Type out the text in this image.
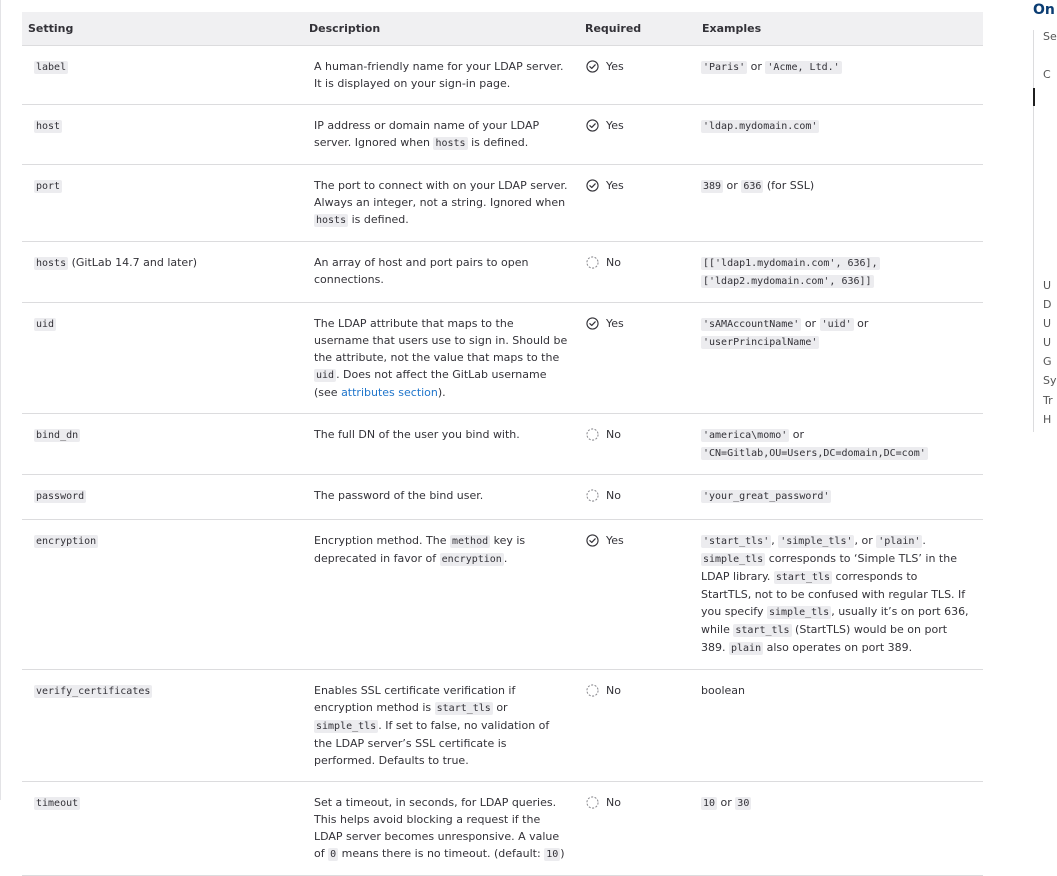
Setting	Description	Required	Examples
label	A human-friendly name for your LDAP server. It is displayed on your sign-in page.	Yes	'Paris' or 'Acme, Ltd.'
host	IP address or domain name of your LDAP server. Ignored when hosts is defined.	Yes	'ldap.mydomain.com'
port	The port to connect with on your LDAP server. Always an integer, not a string. Ignored when hosts is defined.	Yes	389 or 636 (for SSL)
hosts (GitLab 14.7 and later)	An array of host and port pairs to open connections.	No	[['ldap1.mydomain.com', 636],
['ldap2.mydomain.com', 636]]
uid	The LDAP attribute that maps to the username that users use to sign in. Should be the attribute, not the value that maps to the uid . Does not affect the GitLab username (see attributes section).	Yes	'sAMAccountName' or 'uid' or 'userPrincipalName'
bind_dn	The full DN of the user you bind with.	No	'america\momo' or 'CN=Gitlab,OU=Users,DC=domain,DC=com'
password	The password of the bind user.	No	'your_great_password'
encryption	Encryption method. The method key is deprecated in favor of encryption .	Yes	'start_tls' , 'simple_tls' , or 'plain' . simple_tls corresponds to ‘Simple TLS’ in the LDAP library. start_tls corresponds to StartTLS, not to be confused with regular TLS. If you specify simple_tls , usually it’s on port 636, while start_tls (StartTLS) would be on port 389. plain also operates on port 389.
verify_certificates	Enables SSL certificate verification if encryption method is start_tls or simple_tls . If set to false, no validation of the LDAP server’s SSL certificate is performed. Defaults to true.	No	boolean
timeout	Set a timeout, in seconds, for LDAP queries. This helps avoid blocking a request if the LDAP server becomes unresponsive. A value of 0 means there is no timeout. (default: 10 )	No	10 or 30
On
Se
C
U
D
U
U
G
Sy
Tr
H
